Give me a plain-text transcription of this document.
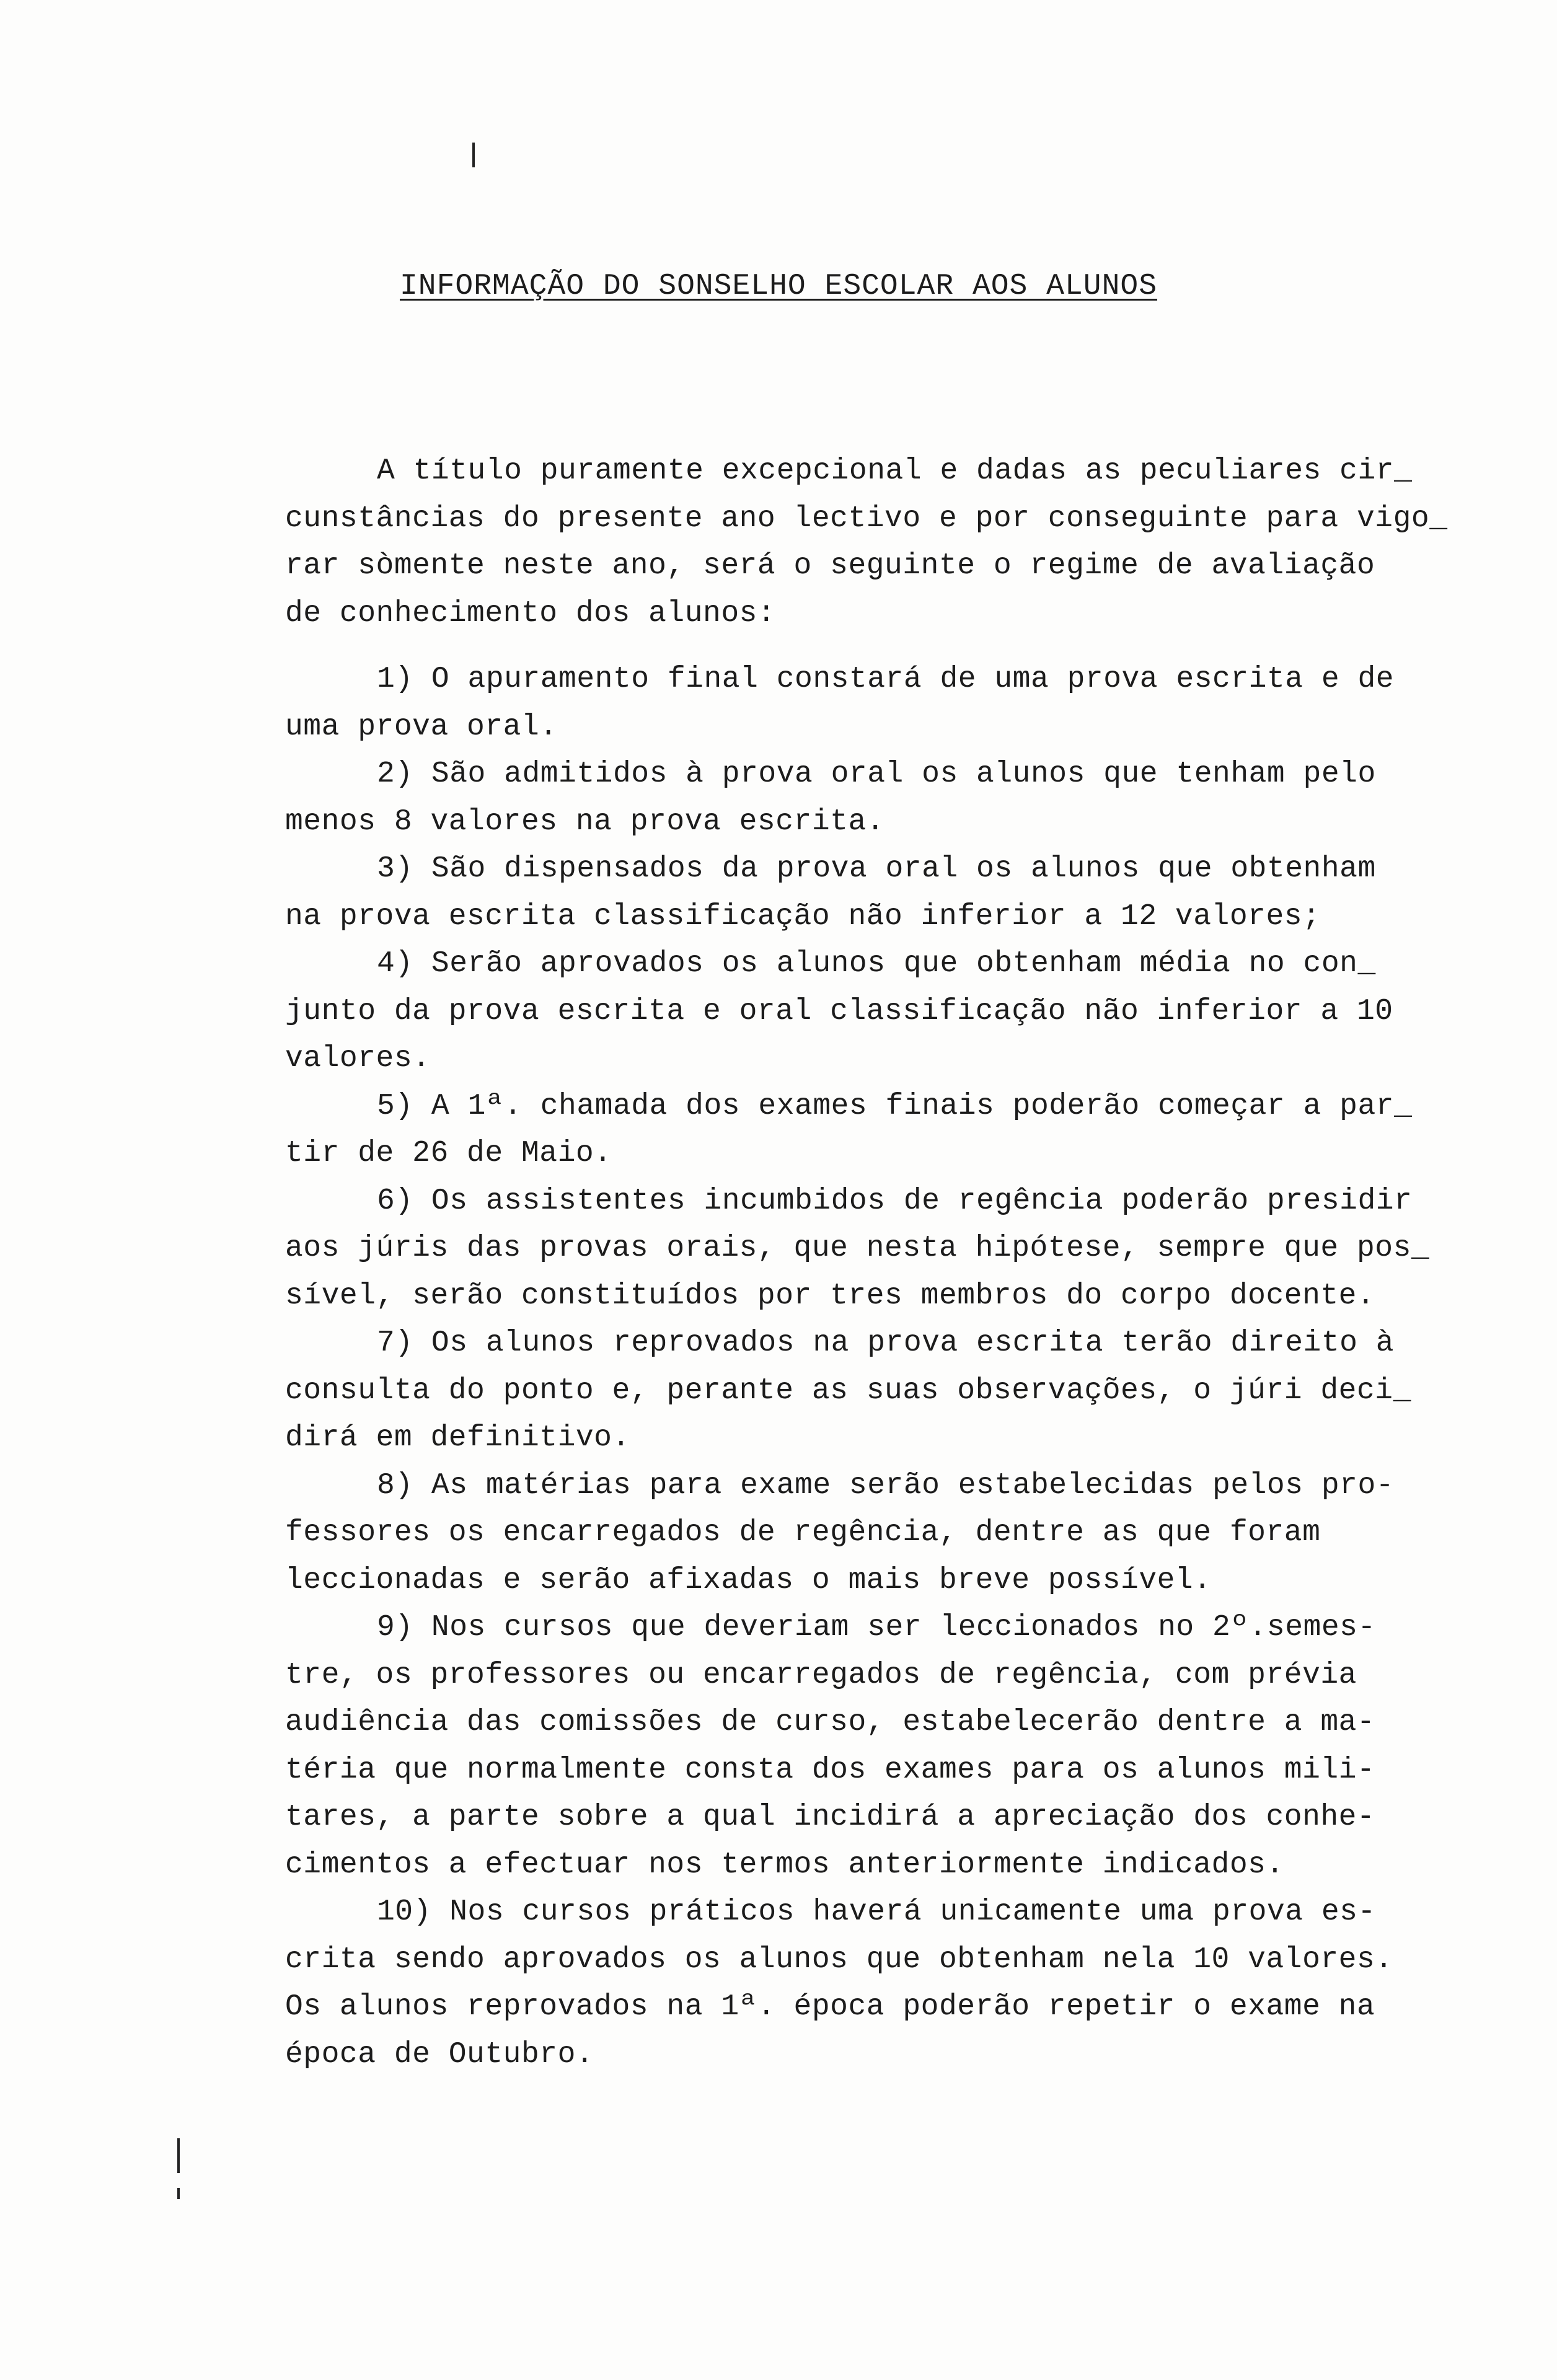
INFORMAÇÃO DO SONSELHO ESCOLAR AOS ALUNOS
A título puramente excepcional e dadas as peculiares cir_
cunstâncias do presente ano lectivo e por conseguinte para vigo_
rar sòmente neste ano, será o seguinte o regime de avaliação
de conhecimento dos alunos:
1) O apuramento final constará de uma prova escrita e de
uma prova oral.
2) São admitidos à prova oral os alunos que tenham pelo
menos 8 valores na prova escrita.
3) São dispensados da prova oral os alunos que obtenham
na prova escrita classificação não inferior a 12 valores;
4) Serão aprovados os alunos que obtenham média no con_
junto da prova escrita e oral classificação não inferior a 10
valores.
5) A 1ª. chamada dos exames finais poderão começar a par_
tir de 26 de Maio.
6) Os assistentes incumbidos de regência poderão presidir
aos júris das provas orais, que nesta hipótese, sempre que pos_
sível, serão constituídos por tres membros do corpo docente.
7) Os alunos reprovados na prova escrita terão direito à
consulta do ponto e, perante as suas observações, o júri deci_
dirá em definitivo.
8) As matérias para exame serão estabelecidas pelos pro-
fessores os encarregados de regência, dentre as que foram
leccionadas e serão afixadas o mais breve possível.
9) Nos cursos que deveriam ser leccionados no 2º.semes-
tre, os professores ou encarregados de regência, com prévia
audiência das comissões de curso, estabelecerão dentre a ma-
téria que normalmente consta dos exames para os alunos mili-
tares, a parte sobre a qual incidirá a apreciação dos conhe-
cimentos a efectuar nos termos anteriormente indicados.
10) Nos cursos práticos haverá unicamente uma prova es-
crita sendo aprovados os alunos que obtenham nela 10 valores.
Os alunos reprovados na 1ª. época poderão repetir o exame na
época de Outubro.
